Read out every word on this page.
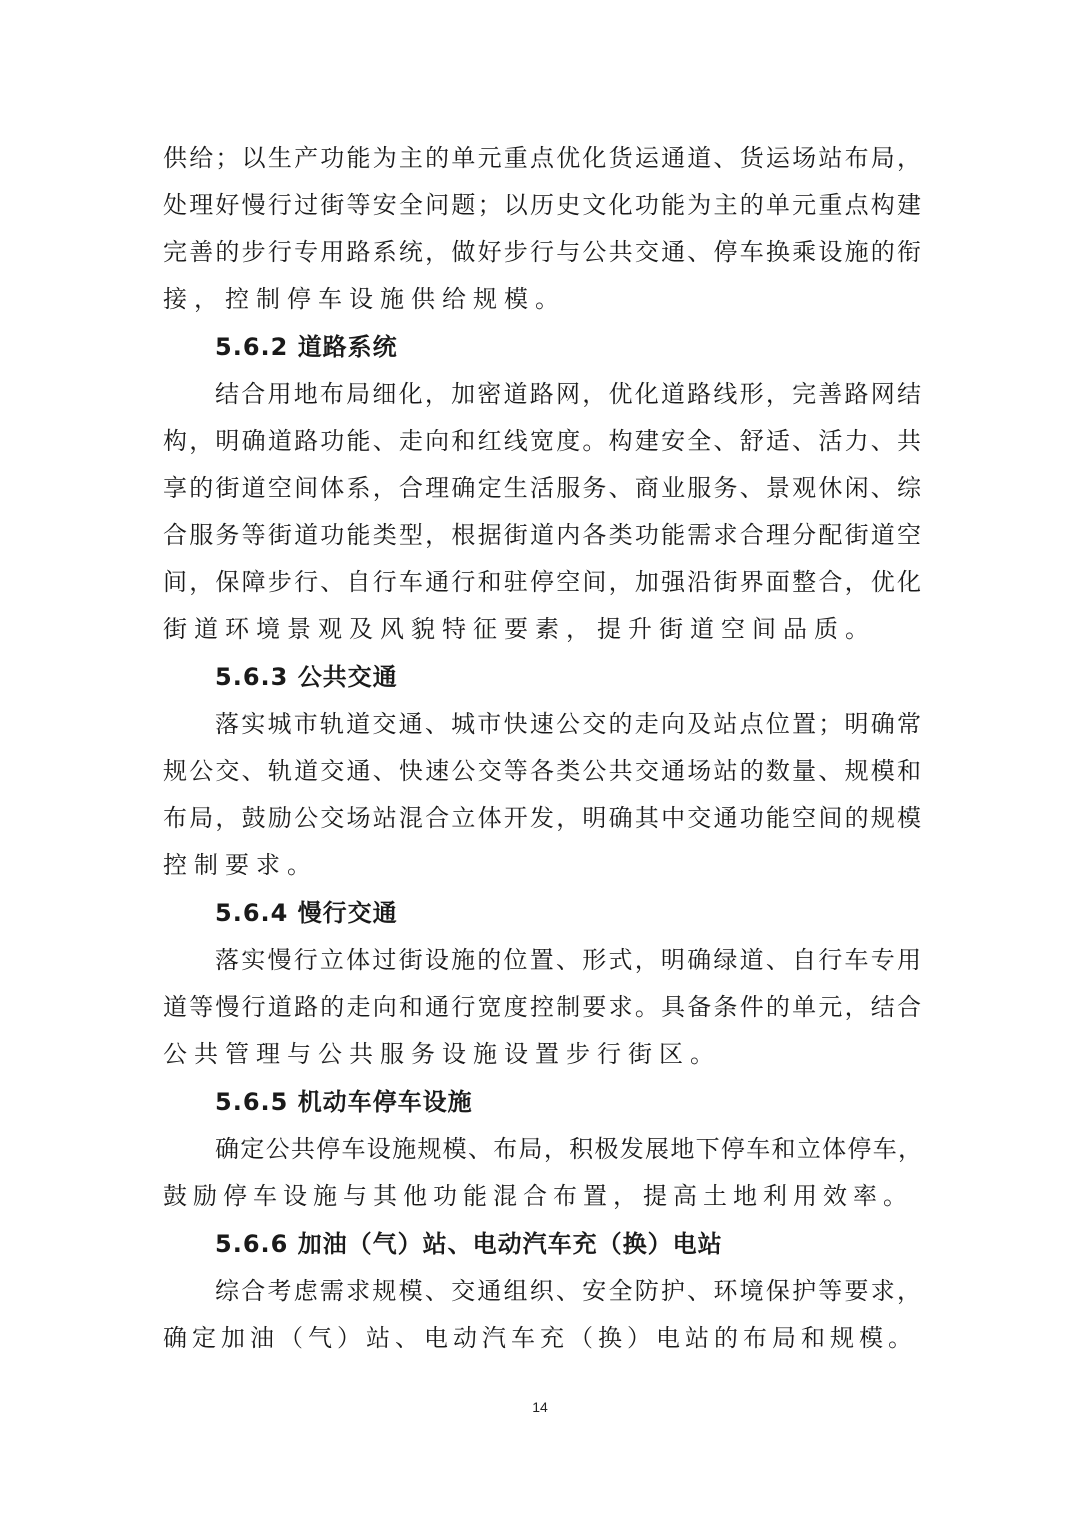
供给；以生产功能为主的单元重点优化货运通道、货运场站布局，
处理好慢行过街等安全问题；以历史文化功能为主的单元重点构建
完善的步行专用路系统，做好步行与公共交通、停车换乘设施的衔
接，控制停车设施供给规模。
5.6.2 道路系统
结合用地布局细化，加密道路网，优化道路线形，完善路网结
构，明确道路功能、走向和红线宽度。构建安全、舒适、活力、共
享的街道空间体系，合理确定生活服务、商业服务、景观休闲、综
合服务等街道功能类型，根据街道内各类功能需求合理分配街道空
间，保障步行、自行车通行和驻停空间，加强沿街界面整合，优化
街道环境景观及风貌特征要素，提升街道空间品质。
5.6.3 公共交通
落实城市轨道交通、城市快速公交的走向及站点位置；明确常
规公交、轨道交通、快速公交等各类公共交通场站的数量、规模和
布局，鼓励公交场站混合立体开发，明确其中交通功能空间的规模
控制要求。
5.6.4 慢行交通
落实慢行立体过街设施的位置、形式，明确绿道、自行车专用
道等慢行道路的走向和通行宽度控制要求。具备条件的单元，结合
公共管理与公共服务设施设置步行街区。
5.6.5 机动车停车设施
确定公共停车设施规模、布局，积极发展地下停车和立体停车，
鼓励停车设施与其他功能混合布置，提高土地利用效率。
5.6.6 加油（气）站、电动汽车充（换）电站
综合考虑需求规模、交通组织、安全防护、环境保护等要求，
确定加油（气）站、电动汽车充（换）电站的布局和规模。
14
